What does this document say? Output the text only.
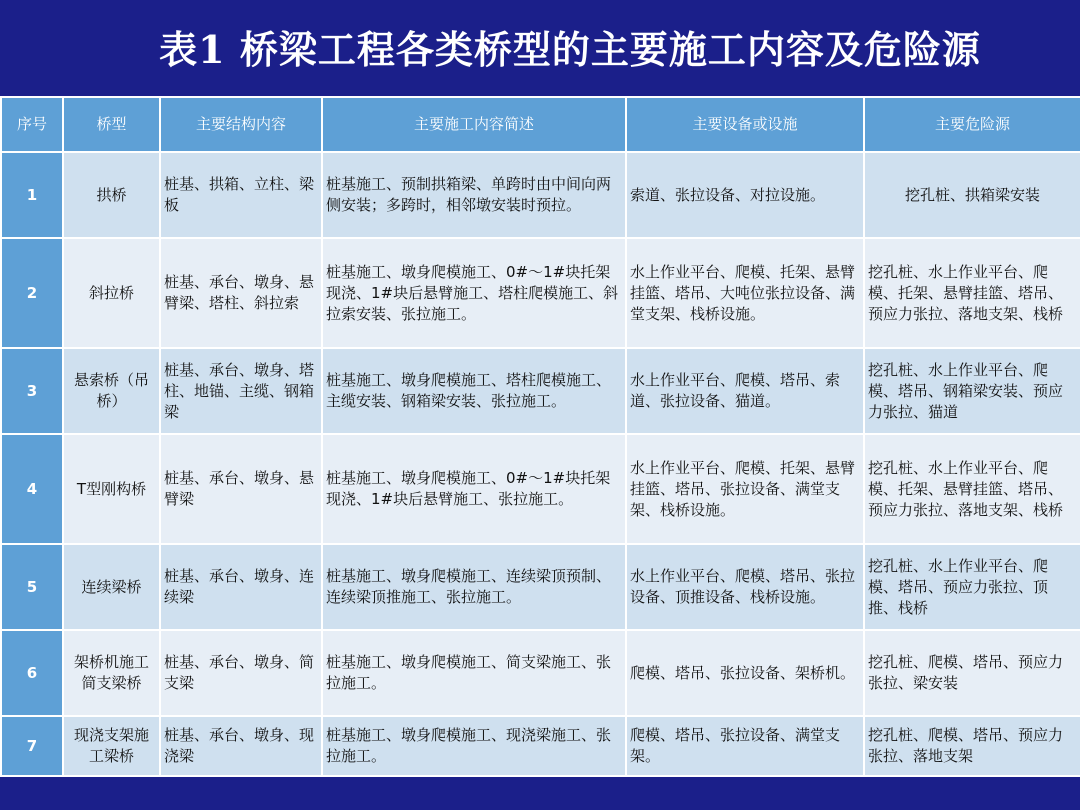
表1 桥梁工程各类桥型的主要施工内容及危险源
序号	桥型	主要结构内容	主要施工内容简述	主要设备或设施	主要危险源
1	拱桥	桩基、拱箱、立柱、梁板	桩基施工、预制拱箱梁、单跨时由中间向两侧安装；多跨时，相邻墩安装时预拉。	索道、张拉设备、对拉设施。	挖孔桩、拱箱梁安装
2	斜拉桥	桩基、承台、墩身、悬臂梁、塔柱、斜拉索	桩基施工、墩身爬模施工、0#～1#块托架现浇、1#块后悬臂施工、塔柱爬模施工、斜拉索安装、张拉施工。	水上作业平台、爬模、托架、悬臂挂篮、塔吊、大吨位张拉设备、满堂支架、栈桥设施。	挖孔桩、水上作业平台、爬模、托架、悬臂挂篮、塔吊、预应力张拉、落地支架、栈桥
3	悬索桥（吊桥）	桩基、承台、墩身、塔柱、地锚、主缆、钢箱梁	桩基施工、墩身爬模施工、塔柱爬模施工、主缆安装、钢箱梁安装、张拉施工。	水上作业平台、爬模、塔吊、索道、张拉设备、猫道。	挖孔桩、水上作业平台、爬模、塔吊、钢箱梁安装、预应力张拉、猫道
4	T型刚构桥	桩基、承台、墩身、悬臂梁	桩基施工、墩身爬模施工、0#～1#块托架现浇、1#块后悬臂施工、张拉施工。	水上作业平台、爬模、托架、悬臂挂篮、塔吊、张拉设备、满堂支架、栈桥设施。	挖孔桩、水上作业平台、爬模、托架、悬臂挂篮、塔吊、预应力张拉、落地支架、栈桥
5	连续梁桥	桩基、承台、墩身、连续梁	桩基施工、墩身爬模施工、连续梁顶预制、连续梁顶推施工、张拉施工。	水上作业平台、爬模、塔吊、张拉设备、顶推设备、栈桥设施。	挖孔桩、水上作业平台、爬模、塔吊、预应力张拉、顶推、栈桥
6	架桥机施工简支梁桥	桩基、承台、墩身、简支梁	桩基施工、墩身爬模施工、简支梁施工、张拉施工。	爬模、塔吊、张拉设备、架桥机。	挖孔桩、爬模、塔吊、预应力张拉、梁安装
7	现浇支架施工梁桥	桩基、承台、墩身、现浇梁	桩基施工、墩身爬模施工、现浇梁施工、张拉施工。	爬模、塔吊、张拉设备、满堂支架。	挖孔桩、爬模、塔吊、预应力张拉、落地支架
